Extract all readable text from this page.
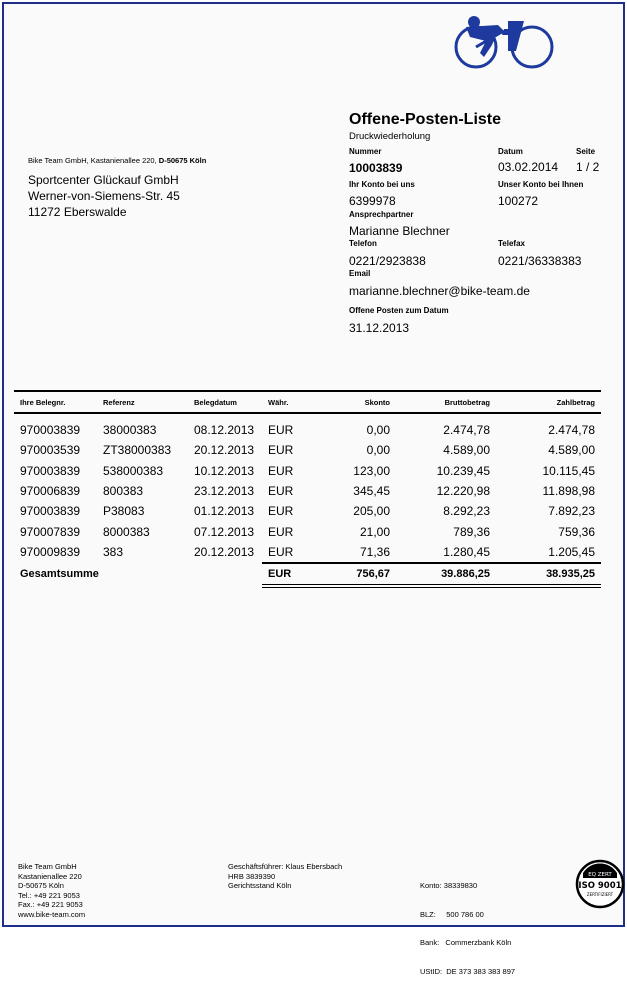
Bike Team GmbH, Kastanienallee 220, D-50675 Köln
Sportcenter Glückauf GmbH
Werner-von-Siemens-Str. 45
11272 Eberswalde
Offene-Posten-Liste
Druckwiederholung
Nummer	Datum	Seite
10003839	03.02.2014 1 / 2
Ihr Konto bei uns	Unser Konto bei Ihnen
6399978	100272
Ansprechpartner
Marianne Blechner
Telefon	Telefax
0221/2923838	0221/36338383
Email
marianne.blechner@bike-team.de
Offene Posten zum Datum
31.12.2013
Ihre Belegnr.	Referenz	Belegdatum	Währ.	Skonto	Bruttobetrag	Zahlbetrag

970003839	38000383	08.12.2013	EUR	0,00	2.474,78	2.474,78
970003539	ZT38000383	20.12.2013	EUR	0,00	4.589,00	4.589,00
970003839	538000383	10.12.2013	EUR	123,00	10.239,45	10.115,45
970006839	800383	23.12.2013	EUR	345,45	12.220,98	11.898,98
970003839	P38083	01.12.2013	EUR	205,00	8.292,23	7.892,23
970007839	8000383	07.12.2013	EUR	21,00	789,36	759,36
970009839	383	20.12.2013	EUR	71,36	1.280,45	1.205,45
Gesamtsumme			EUR	756,67	39.886,25	38.935,25
Bike Team GmbH
Kastanienallee 220
D-50675 Köln
Tel.: +49 221 9053
Fax.: +49 221 9053
www.bike-team.com
Geschäftsführer: Klaus Ebersbach
HRB 3839390
Gerichtsstand Köln

	Konto: 38339830

BLZ:     500 786 00

Bank:   Commerzbank Köln

UStID:  DE 373 383 383 897

EQ ZERT
ISO 9001
ZERTIFIZIERT
